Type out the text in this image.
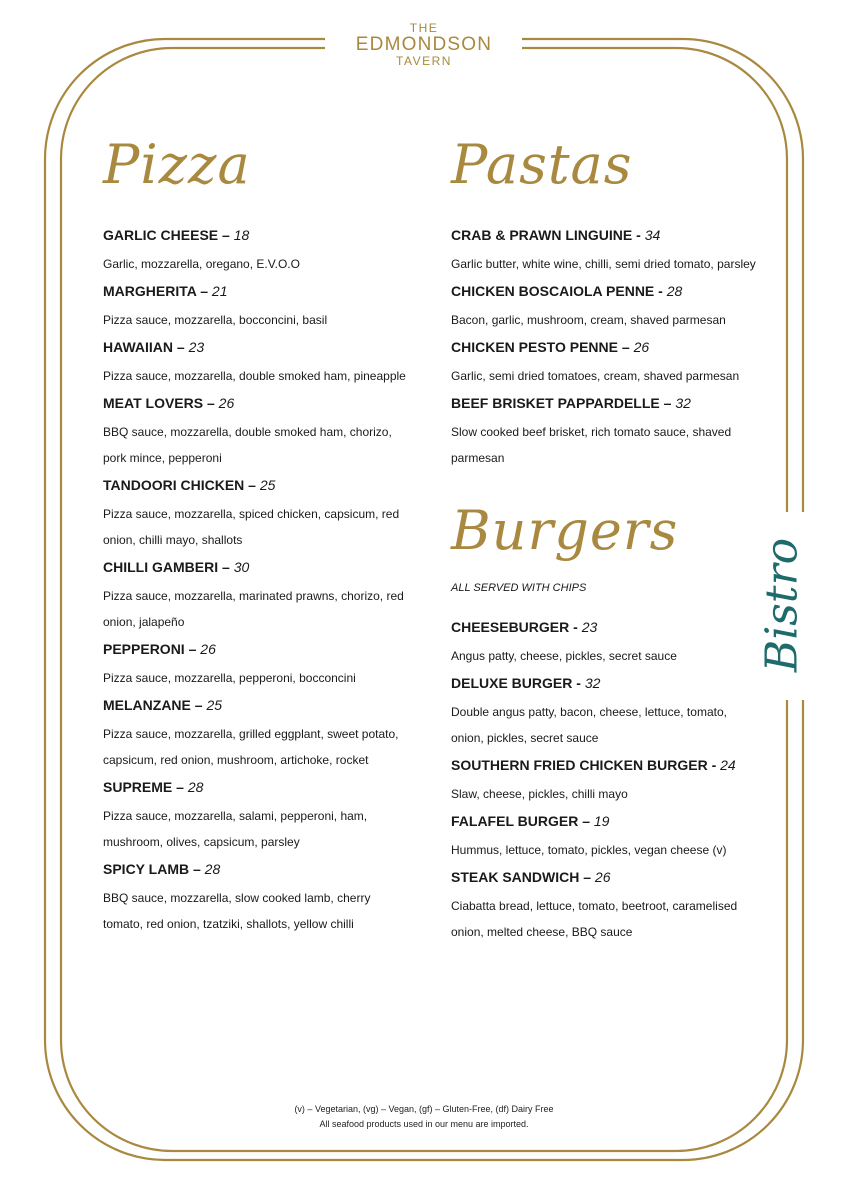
THE
EDMONDSON
TAVERN
Bistro
Pizza

GARLIC CHEESE – 18

Garlic, mozzarella, oregano, E.V.O.O

MARGHERITA – 21

Pizza sauce, mozzarella, bocconcini, basil

HAWAIIAN – 23

Pizza sauce, mozzarella, double smoked ham, pineapple

MEAT LOVERS – 26

BBQ sauce, mozzarella, double smoked ham, chorizo,

pork mince, pepperoni

TANDOORI CHICKEN – 25

Pizza sauce, mozzarella, spiced chicken, capsicum, red

onion, chilli mayo, shallots

CHILLI GAMBERI – 30

Pizza sauce, mozzarella, marinated prawns, chorizo, red

onion, jalapeño

PEPPERONI – 26

Pizza sauce, mozzarella, pepperoni, bocconcini

MELANZANE – 25

Pizza sauce, mozzarella, grilled eggplant, sweet potato,

capsicum, red onion, mushroom, artichoke, rocket

SUPREME – 28

Pizza sauce, mozzarella, salami, pepperoni, ham,

mushroom, olives, capsicum, parsley

SPICY LAMB – 28

BBQ sauce, mozzarella, slow cooked lamb, cherry

tomato, red onion, tzatziki, shallots, yellow chilli

Pastas

CRAB & PRAWN LINGUINE - 34

Garlic butter, white wine, chilli, semi dried tomato, parsley

CHICKEN BOSCAIOLA PENNE - 28

Bacon, garlic, mushroom, cream, shaved parmesan

CHICKEN PESTO PENNE – 26

Garlic, semi dried tomatoes, cream, shaved parmesan

BEEF BRISKET PAPPARDELLE – 32

Slow cooked beef brisket, rich tomato sauce, shaved

parmesan

Burgers

ALL SERVED WITH CHIPS

CHEESEBURGER - 23

Angus patty, cheese, pickles, secret sauce

DELUXE BURGER - 32

Double angus patty, bacon, cheese, lettuce, tomato,

onion, pickles, secret sauce

SOUTHERN FRIED CHICKEN BURGER - 24

Slaw, cheese, pickles, chilli mayo

FALAFEL BURGER – 19

Hummus, lettuce, tomato, pickles, vegan cheese (v)

STEAK SANDWICH – 26

Ciabatta bread, lettuce, tomato, beetroot, caramelised

onion, melted cheese, BBQ sauce

(v) – Vegetarian, (vg) – Vegan, (gf) – Gluten-Free, (df) Dairy Free
All seafood products used in our menu are imported.
